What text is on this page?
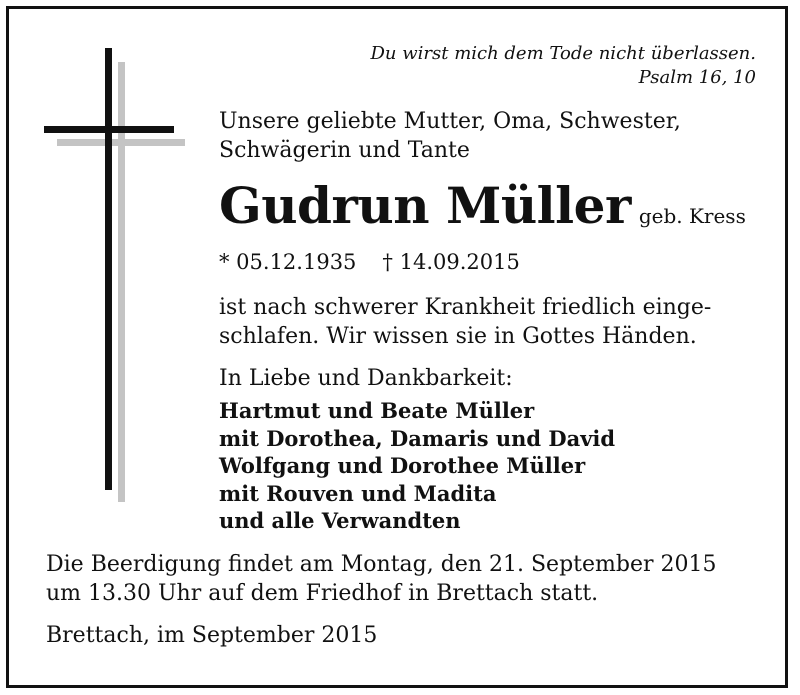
Du wirst mich dem Tode nicht überlassen.
Psalm 16, 10
Unsere geliebte Mutter, Oma, Schwester,
Schwägerin und Tante
Gudrun Müller geb. Kress
* 05.12.1935 † 14.09.2015
ist nach schwerer Krankheit friedlich einge-
schlafen. Wir wissen sie in Gottes Händen.
In Liebe und Dankbarkeit:
Hartmut und Beate Müller
mit Dorothea, Damaris und David
Wolfgang und Dorothee Müller
mit Rouven und Madita
und alle Verwandten
Die Beerdigung findet am Montag, den 21. September 2015
um 13.30 Uhr auf dem Friedhof in Brettach statt.
Brettach, im September 2015
